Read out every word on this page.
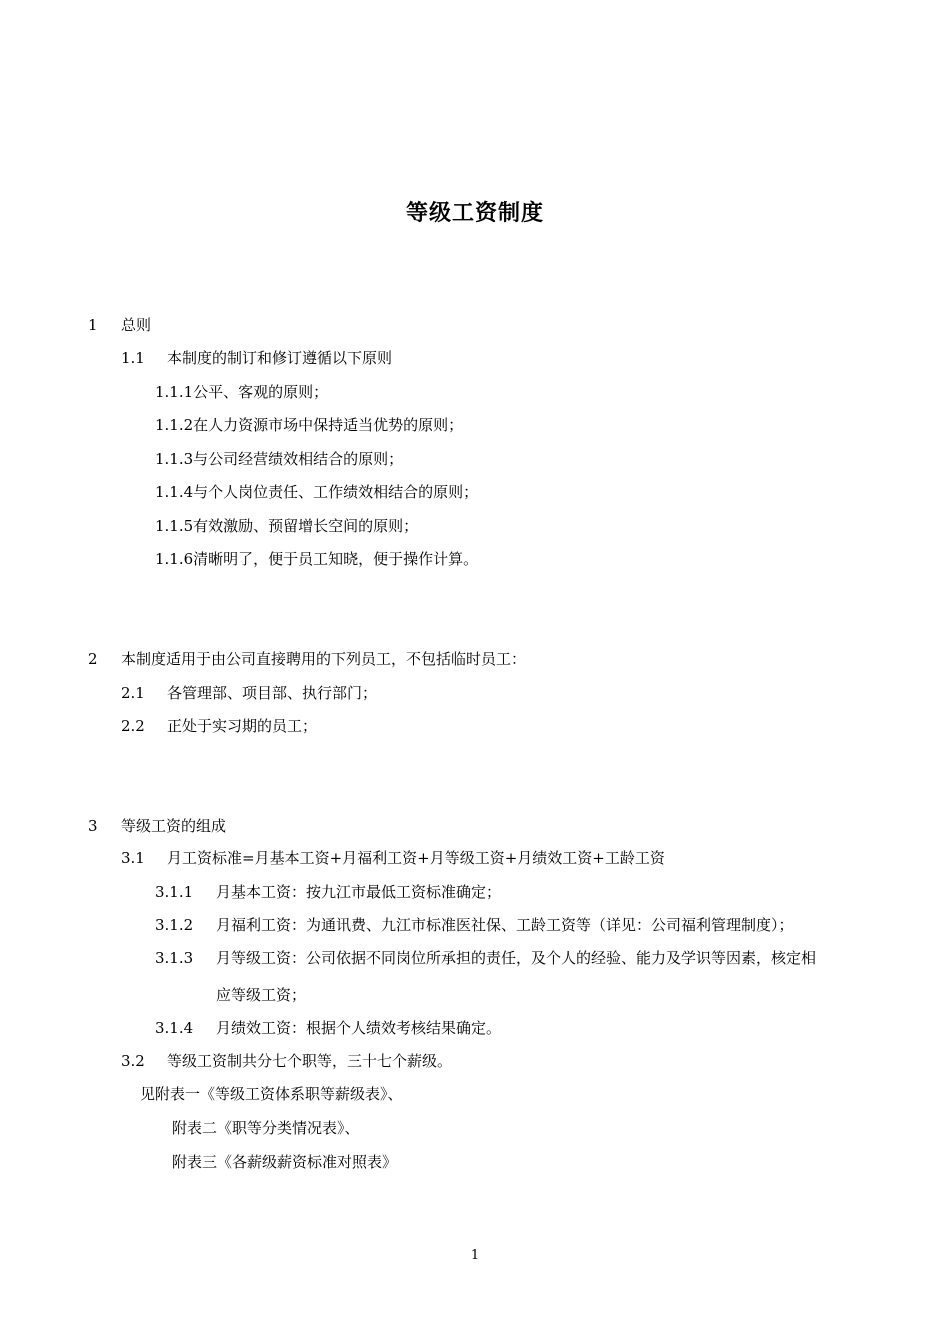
等级工资制度
1 总则
1.1 本制度的制订和修订遵循以下原则
1.1.1公平、客观的原则；
1.1.2在人力资源市场中保持适当优势的原则；
1.1.3与公司经营绩效相结合的原则；
1.1.4与个人岗位责任、工作绩效相结合的原则；
1.1.5有效激励、预留增长空间的原则；
1.1.6清晰明了，便于员工知晓，便于操作计算。
2 本制度适用于由公司直接聘用的下列员工，不包括临时员工：
2.1 各管理部、项目部、执行部门；
2.2 正处于实习期的员工；
3 等级工资的组成
3.1 月工资标准=月基本工资+月福利工资+月等级工资+月绩效工资+工龄工资
3.1.1 月基本工资：按九江市最低工资标准确定；
3.1.2 月福利工资：为通讯费、九江市标准医社保、工龄工资等（详见：公司福利管理制度）；
3.1.3 月等级工资：公司依据不同岗位所承担的责任，及个人的经验、能力及学识等因素，核定相
应等级工资；
3.1.4 月绩效工资：根据个人绩效考核结果确定。
3.2 等级工资制共分七个职等，三十七个薪级。
见附表一《等级工资体系职等薪级表》、
附表二《职等分类情况表》、
附表三《各薪级薪资标准对照表》
1
